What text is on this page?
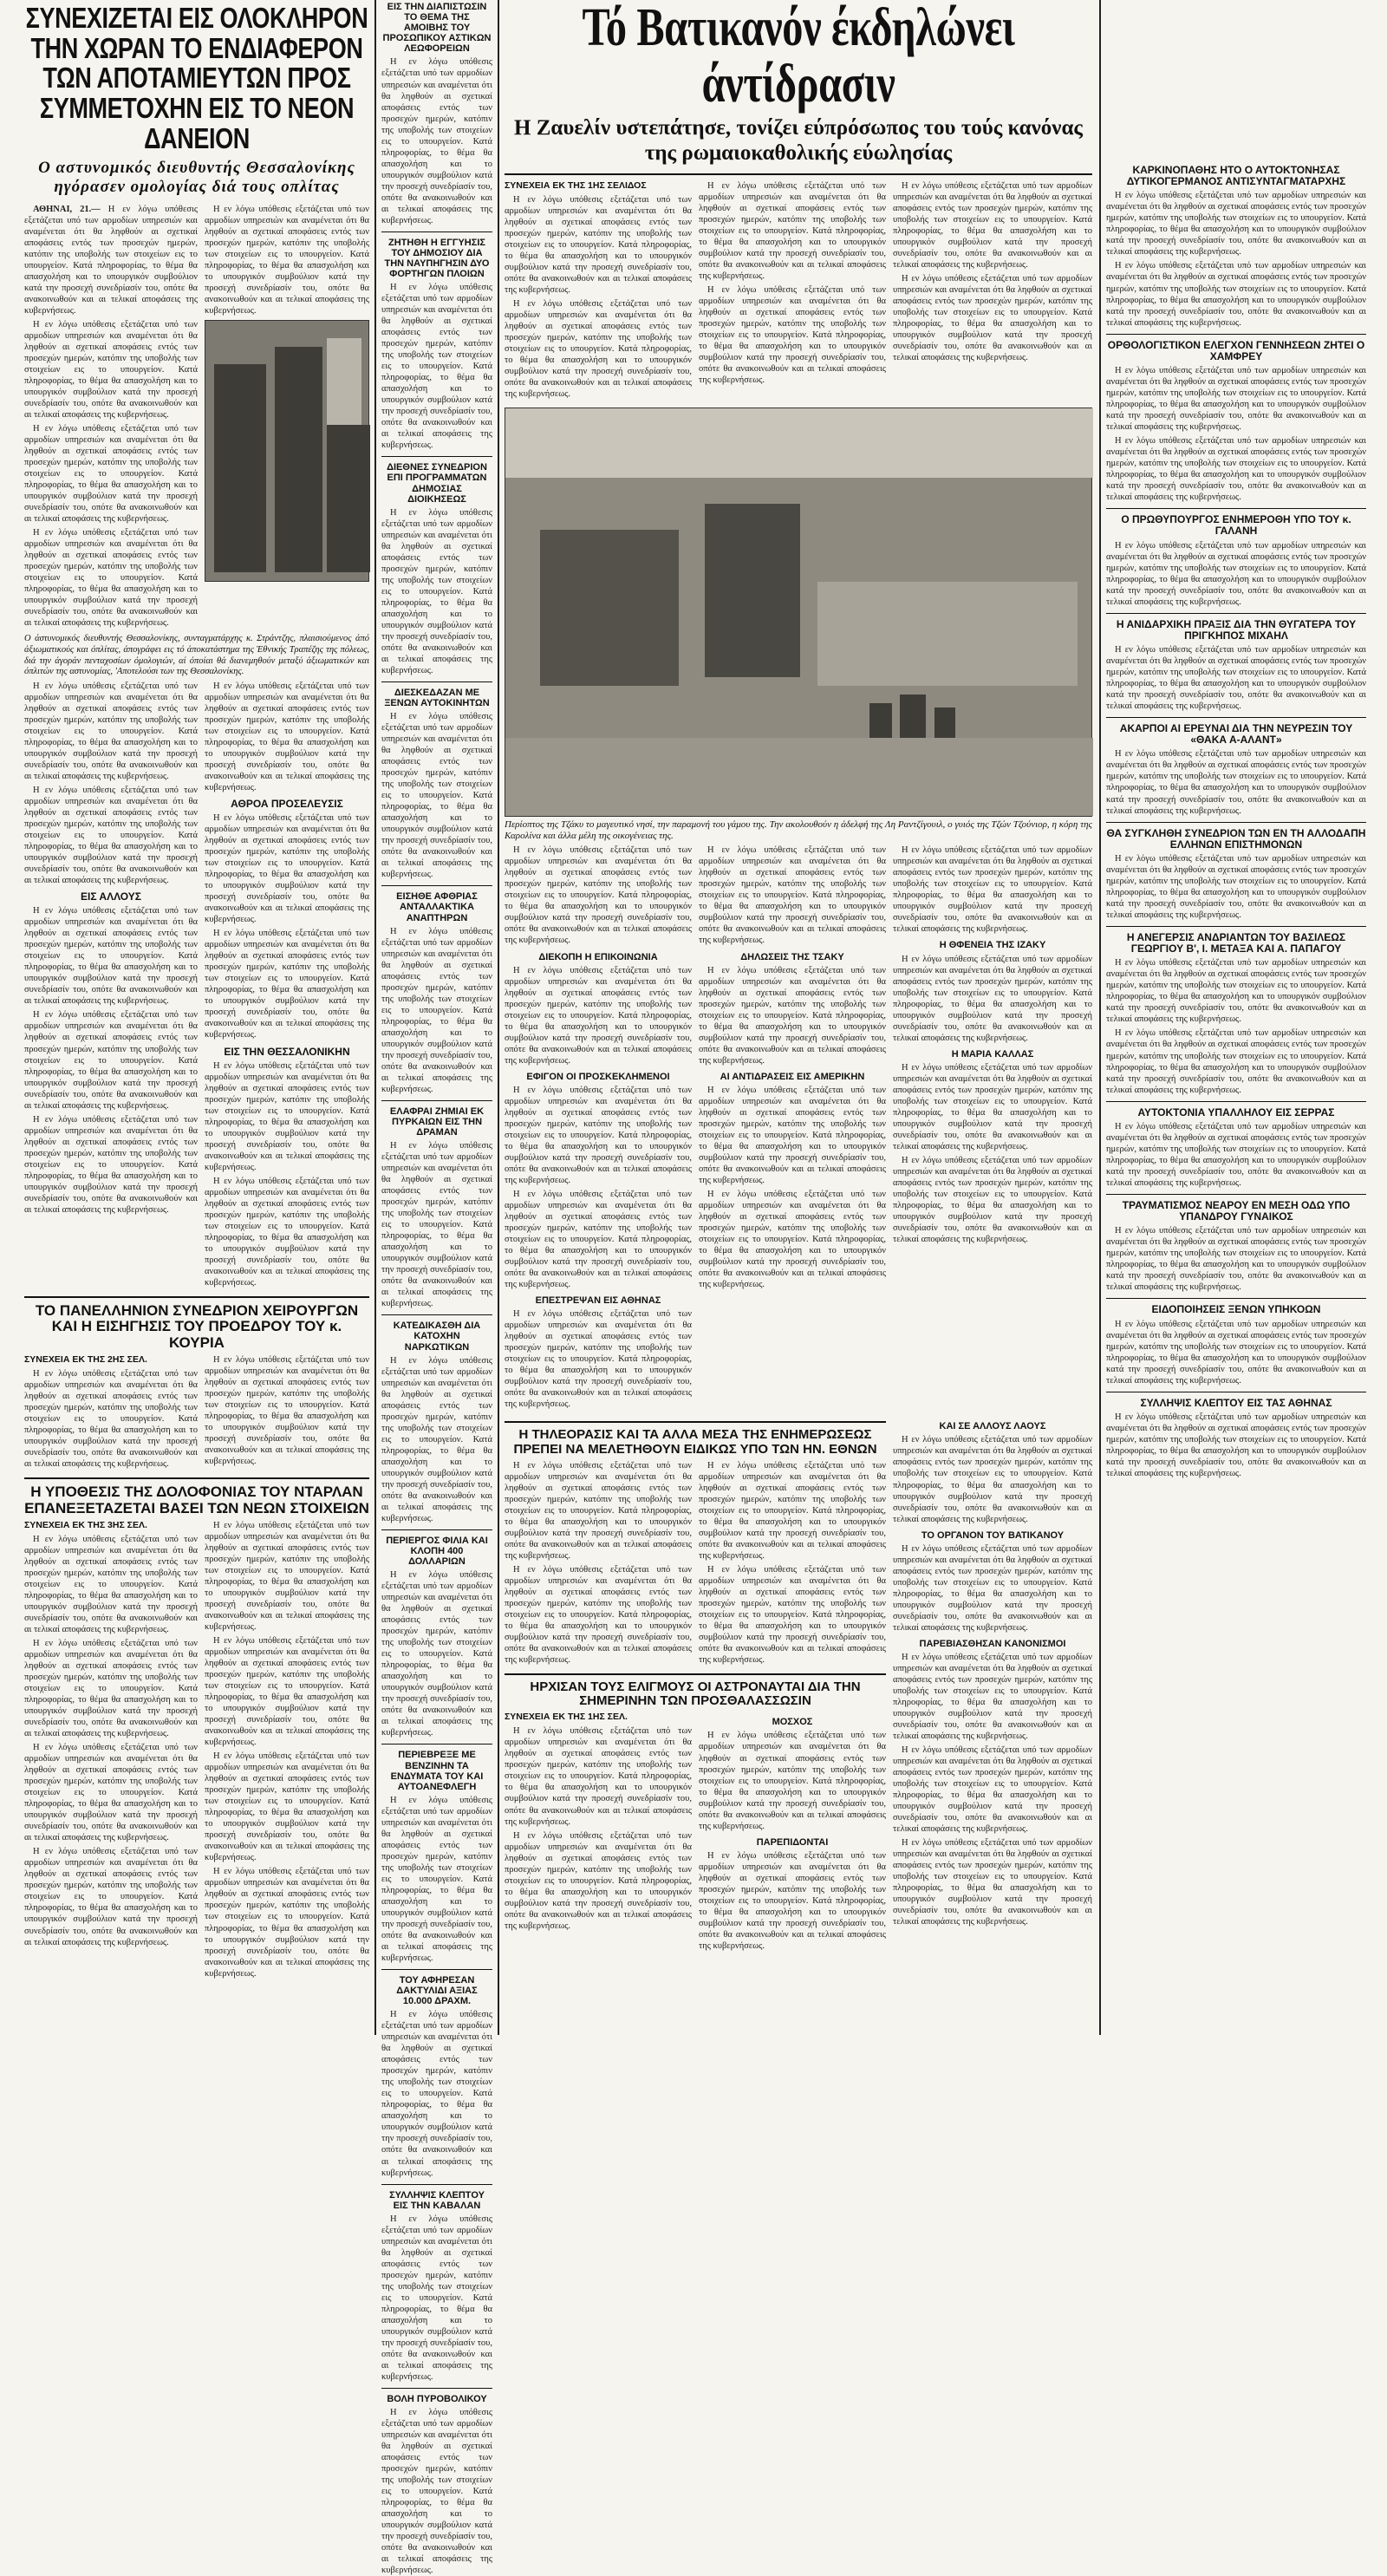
ΣΥΝΕΧΙΖΕΤΑΙ ΕΙΣ ΟΛΟΚΛΗΡΟΝ ΤΗΝ ΧΩΡΑΝ ΤΟ ΕΝΔΙΑΦΕΡΟΝ ΤΩΝ ΑΠΟΤΑΜΙΕΥΤΩΝ ΠΡΟΣ ΣΥΜΜΕΤΟΧΗΝ ΕΙΣ ΤΟ ΝΕΟΝ ΔΑΝΕΙΟΝ
Ο αστυνομικός διευθυντής Θεσσαλονίκης ηγόρασεν ομολογίας διά τους οπλίτας

ΑΘΗΝΑΙ, 21.— Η εν λόγω υπόθεσις εξετάζεται υπό των αρμοδίων υπηρεσιών και αναμένεται ότι θα ληφθούν αι σχετικαί αποφάσεις εντός των προσεχών ημερών, κατόπιν της υποβολής των στοιχείων εις το υπουργείον. Κατά πληροφορίας, το θέμα θα απασχολήση και το υπουργικόν συμβούλιον κατά την προσεχή συνεδρίασίν του, οπότε θα ανακοινωθούν και αι τελικαί αποφάσεις της κυβερνήσεως.

Η εν λόγω υπόθεσις εξετάζεται υπό των αρμοδίων υπηρεσιών και αναμένεται ότι θα ληφθούν αι σχετικαί αποφάσεις εντός των προσεχών ημερών, κατόπιν της υποβολής των στοιχείων εις το υπουργείον. Κατά πληροφορίας, το θέμα θα απασχολήση και το υπουργικόν συμβούλιον κατά την προσεχή συνεδρίασίν του, οπότε θα ανακοινωθούν και αι τελικαί αποφάσεις της κυβερνήσεως.

Η εν λόγω υπόθεσις εξετάζεται υπό των αρμοδίων υπηρεσιών και αναμένεται ότι θα ληφθούν αι σχετικαί αποφάσεις εντός των προσεχών ημερών, κατόπιν της υποβολής των στοιχείων εις το υπουργείον. Κατά πληροφορίας, το θέμα θα απασχολήση και το υπουργικόν συμβούλιον κατά την προσεχή συνεδρίασίν του, οπότε θα ανακοινωθούν και αι τελικαί αποφάσεις της κυβερνήσεως.

Η εν λόγω υπόθεσις εξετάζεται υπό των αρμοδίων υπηρεσιών και αναμένεται ότι θα ληφθούν αι σχετικαί αποφάσεις εντός των προσεχών ημερών, κατόπιν της υποβολής των στοιχείων εις το υπουργείον. Κατά πληροφορίας, το θέμα θα απασχολήση και το υπουργικόν συμβούλιον κατά την προσεχή συνεδρίασίν του, οπότε θα ανακοινωθούν και αι τελικαί αποφάσεις της κυβερνήσεως.

Η εν λόγω υπόθεσις εξετάζεται υπό των αρμοδίων υπηρεσιών και αναμένεται ότι θα ληφθούν αι σχετικαί αποφάσεις εντός των προσεχών ημερών, κατόπιν της υποβολής των στοιχείων εις το υπουργείον. Κατά πληροφορίας, το θέμα θα απασχολήση και το υπουργικόν συμβούλιον κατά την προσεχή συνεδρίασίν του, οπότε θα ανακοινωθούν και αι τελικαί αποφάσεις της κυβερνήσεως.

Ο άστυνομικός διευθυντής Θεσσαλονίκης, συνταγματάρχης κ. Στράντζης, πλαισιούμενος άπό άξιωματικούς και όπλίτας, άπογράφει εις τό άποκατάστημα της Έθνικής Τραπέζης της πόλεως, διά την άγοράν πενταχοσίων όμολογιών, αί όποίαι θά διανεμηθούν μεταξύ άξιωματικών και όπλιτών της αστυνομίας, 'Αποτελούσι των της Θεσσαλονίκης.

Η εν λόγω υπόθεσις εξετάζεται υπό των αρμοδίων υπηρεσιών και αναμένεται ότι θα ληφθούν αι σχετικαί αποφάσεις εντός των προσεχών ημερών, κατόπιν της υποβολής των στοιχείων εις το υπουργείον. Κατά πληροφορίας, το θέμα θα απασχολήση και το υπουργικόν συμβούλιον κατά την προσεχή συνεδρίασίν του, οπότε θα ανακοινωθούν και αι τελικαί αποφάσεις της κυβερνήσεως.

Η εν λόγω υπόθεσις εξετάζεται υπό των αρμοδίων υπηρεσιών και αναμένεται ότι θα ληφθούν αι σχετικαί αποφάσεις εντός των προσεχών ημερών, κατόπιν της υποβολής των στοιχείων εις το υπουργείον. Κατά πληροφορίας, το θέμα θα απασχολήση και το υπουργικόν συμβούλιον κατά την προσεχή συνεδρίασίν του, οπότε θα ανακοινωθούν και αι τελικαί αποφάσεις της κυβερνήσεως.

ΕΙΣ ΑΛΛΟΥΣ

Η εν λόγω υπόθεσις εξετάζεται υπό των αρμοδίων υπηρεσιών και αναμένεται ότι θα ληφθούν αι σχετικαί αποφάσεις εντός των προσεχών ημερών, κατόπιν της υποβολής των στοιχείων εις το υπουργείον. Κατά πληροφορίας, το θέμα θα απασχολήση και το υπουργικόν συμβούλιον κατά την προσεχή συνεδρίασίν του, οπότε θα ανακοινωθούν και αι τελικαί αποφάσεις της κυβερνήσεως.

Η εν λόγω υπόθεσις εξετάζεται υπό των αρμοδίων υπηρεσιών και αναμένεται ότι θα ληφθούν αι σχετικαί αποφάσεις εντός των προσεχών ημερών, κατόπιν της υποβολής των στοιχείων εις το υπουργείον. Κατά πληροφορίας, το θέμα θα απασχολήση και το υπουργικόν συμβούλιον κατά την προσεχή συνεδρίασίν του, οπότε θα ανακοινωθούν και αι τελικαί αποφάσεις της κυβερνήσεως.

Η εν λόγω υπόθεσις εξετάζεται υπό των αρμοδίων υπηρεσιών και αναμένεται ότι θα ληφθούν αι σχετικαί αποφάσεις εντός των προσεχών ημερών, κατόπιν της υποβολής των στοιχείων εις το υπουργείον. Κατά πληροφορίας, το θέμα θα απασχολήση και το υπουργικόν συμβούλιον κατά την προσεχή συνεδρίασίν του, οπότε θα ανακοινωθούν και αι τελικαί αποφάσεις της κυβερνήσεως.

Η εν λόγω υπόθεσις εξετάζεται υπό των αρμοδίων υπηρεσιών και αναμένεται ότι θα ληφθούν αι σχετικαί αποφάσεις εντός των προσεχών ημερών, κατόπιν της υποβολής των στοιχείων εις το υπουργείον. Κατά πληροφορίας, το θέμα θα απασχολήση και το υπουργικόν συμβούλιον κατά την προσεχή συνεδρίασίν του, οπότε θα ανακοινωθούν και αι τελικαί αποφάσεις της κυβερνήσεως.

ΑΘΡΟΑ ΠΡΟΣΕΛΕΥΣΙΣ

Η εν λόγω υπόθεσις εξετάζεται υπό των αρμοδίων υπηρεσιών και αναμένεται ότι θα ληφθούν αι σχετικαί αποφάσεις εντός των προσεχών ημερών, κατόπιν της υποβολής των στοιχείων εις το υπουργείον. Κατά πληροφορίας, το θέμα θα απασχολήση και το υπουργικόν συμβούλιον κατά την προσεχή συνεδρίασίν του, οπότε θα ανακοινωθούν και αι τελικαί αποφάσεις της κυβερνήσεως.

Η εν λόγω υπόθεσις εξετάζεται υπό των αρμοδίων υπηρεσιών και αναμένεται ότι θα ληφθούν αι σχετικαί αποφάσεις εντός των προσεχών ημερών, κατόπιν της υποβολής των στοιχείων εις το υπουργείον. Κατά πληροφορίας, το θέμα θα απασχολήση και το υπουργικόν συμβούλιον κατά την προσεχή συνεδρίασίν του, οπότε θα ανακοινωθούν και αι τελικαί αποφάσεις της κυβερνήσεως.

ΕΙΣ ΤΗΝ ΘΕΣΣΑΛΟΝΙΚΗΝ

Η εν λόγω υπόθεσις εξετάζεται υπό των αρμοδίων υπηρεσιών και αναμένεται ότι θα ληφθούν αι σχετικαί αποφάσεις εντός των προσεχών ημερών, κατόπιν της υποβολής των στοιχείων εις το υπουργείον. Κατά πληροφορίας, το θέμα θα απασχολήση και το υπουργικόν συμβούλιον κατά την προσεχή συνεδρίασίν του, οπότε θα ανακοινωθούν και αι τελικαί αποφάσεις της κυβερνήσεως.

Η εν λόγω υπόθεσις εξετάζεται υπό των αρμοδίων υπηρεσιών και αναμένεται ότι θα ληφθούν αι σχετικαί αποφάσεις εντός των προσεχών ημερών, κατόπιν της υποβολής των στοιχείων εις το υπουργείον. Κατά πληροφορίας, το θέμα θα απασχολήση και το υπουργικόν συμβούλιον κατά την προσεχή συνεδρίασίν του, οπότε θα ανακοινωθούν και αι τελικαί αποφάσεις της κυβερνήσεως.

ΤΟ ΠΑΝΕΛΛΗΝΙΟΝ ΣΥΝΕΔΡΙΟΝ ΧΕΙΡΟΥΡΓΩΝ ΚΑΙ Η ΕΙΣΗΓΗΣΙΣ ΤΟΥ ΠΡΟΕΔΡΟΥ ΤΟΥ κ. ΚΟΥΡΙΑ

ΣΥΝΕΧΕΙΑ ΕΚ ΤΗΣ 2ΗΣ ΣΕΛ.

Η εν λόγω υπόθεσις εξετάζεται υπό των αρμοδίων υπηρεσιών και αναμένεται ότι θα ληφθούν αι σχετικαί αποφάσεις εντός των προσεχών ημερών, κατόπιν της υποβολής των στοιχείων εις το υπουργείον. Κατά πληροφορίας, το θέμα θα απασχολήση και το υπουργικόν συμβούλιον κατά την προσεχή συνεδρίασίν του, οπότε θα ανακοινωθούν και αι τελικαί αποφάσεις της κυβερνήσεως.

Η εν λόγω υπόθεσις εξετάζεται υπό των αρμοδίων υπηρεσιών και αναμένεται ότι θα ληφθούν αι σχετικαί αποφάσεις εντός των προσεχών ημερών, κατόπιν της υποβολής των στοιχείων εις το υπουργείον. Κατά πληροφορίας, το θέμα θα απασχολήση και το υπουργικόν συμβούλιον κατά την προσεχή συνεδρίασίν του, οπότε θα ανακοινωθούν και αι τελικαί αποφάσεις της κυβερνήσεως.

Η ΥΠΟΘΕΣΙΣ ΤΗΣ ΔΟΛΟΦΟΝΙΑΣ ΤΟΥ ΝΤΑΡΛΑΝ ΕΠΑΝΕΞΕΤΑΖΕΤΑΙ ΒΑΣΕΙ ΤΩΝ ΝΕΩΝ ΣΤΟΙΧΕΙΩΝ

ΣΥΝΕΧΕΙΑ ΕΚ ΤΗΣ 3ΗΣ ΣΕΛ.

Η εν λόγω υπόθεσις εξετάζεται υπό των αρμοδίων υπηρεσιών και αναμένεται ότι θα ληφθούν αι σχετικαί αποφάσεις εντός των προσεχών ημερών, κατόπιν της υποβολής των στοιχείων εις το υπουργείον. Κατά πληροφορίας, το θέμα θα απασχολήση και το υπουργικόν συμβούλιον κατά την προσεχή συνεδρίασίν του, οπότε θα ανακοινωθούν και αι τελικαί αποφάσεις της κυβερνήσεως.

Η εν λόγω υπόθεσις εξετάζεται υπό των αρμοδίων υπηρεσιών και αναμένεται ότι θα ληφθούν αι σχετικαί αποφάσεις εντός των προσεχών ημερών, κατόπιν της υποβολής των στοιχείων εις το υπουργείον. Κατά πληροφορίας, το θέμα θα απασχολήση και το υπουργικόν συμβούλιον κατά την προσεχή συνεδρίασίν του, οπότε θα ανακοινωθούν και αι τελικαί αποφάσεις της κυβερνήσεως.

Η εν λόγω υπόθεσις εξετάζεται υπό των αρμοδίων υπηρεσιών και αναμένεται ότι θα ληφθούν αι σχετικαί αποφάσεις εντός των προσεχών ημερών, κατόπιν της υποβολής των στοιχείων εις το υπουργείον. Κατά πληροφορίας, το θέμα θα απασχολήση και το υπουργικόν συμβούλιον κατά την προσεχή συνεδρίασίν του, οπότε θα ανακοινωθούν και αι τελικαί αποφάσεις της κυβερνήσεως.

Η εν λόγω υπόθεσις εξετάζεται υπό των αρμοδίων υπηρεσιών και αναμένεται ότι θα ληφθούν αι σχετικαί αποφάσεις εντός των προσεχών ημερών, κατόπιν της υποβολής των στοιχείων εις το υπουργείον. Κατά πληροφορίας, το θέμα θα απασχολήση και το υπουργικόν συμβούλιον κατά την προσεχή συνεδρίασίν του, οπότε θα ανακοινωθούν και αι τελικαί αποφάσεις της κυβερνήσεως.

Η εν λόγω υπόθεσις εξετάζεται υπό των αρμοδίων υπηρεσιών και αναμένεται ότι θα ληφθούν αι σχετικαί αποφάσεις εντός των προσεχών ημερών, κατόπιν της υποβολής των στοιχείων εις το υπουργείον. Κατά πληροφορίας, το θέμα θα απασχολήση και το υπουργικόν συμβούλιον κατά την προσεχή συνεδρίασίν του, οπότε θα ανακοινωθούν και αι τελικαί αποφάσεις της κυβερνήσεως.

Η εν λόγω υπόθεσις εξετάζεται υπό των αρμοδίων υπηρεσιών και αναμένεται ότι θα ληφθούν αι σχετικαί αποφάσεις εντός των προσεχών ημερών, κατόπιν της υποβολής των στοιχείων εις το υπουργείον. Κατά πληροφορίας, το θέμα θα απασχολήση και το υπουργικόν συμβούλιον κατά την προσεχή συνεδρίασίν του, οπότε θα ανακοινωθούν και αι τελικαί αποφάσεις της κυβερνήσεως.

Η εν λόγω υπόθεσις εξετάζεται υπό των αρμοδίων υπηρεσιών και αναμένεται ότι θα ληφθούν αι σχετικαί αποφάσεις εντός των προσεχών ημερών, κατόπιν της υποβολής των στοιχείων εις το υπουργείον. Κατά πληροφορίας, το θέμα θα απασχολήση και το υπουργικόν συμβούλιον κατά την προσεχή συνεδρίασίν του, οπότε θα ανακοινωθούν και αι τελικαί αποφάσεις της κυβερνήσεως.

Η εν λόγω υπόθεσις εξετάζεται υπό των αρμοδίων υπηρεσιών και αναμένεται ότι θα ληφθούν αι σχετικαί αποφάσεις εντός των προσεχών ημερών, κατόπιν της υποβολής των στοιχείων εις το υπουργείον. Κατά πληροφορίας, το θέμα θα απασχολήση και το υπουργικόν συμβούλιον κατά την προσεχή συνεδρίασίν του, οπότε θα ανακοινωθούν και αι τελικαί αποφάσεις της κυβερνήσεως.

ΕΙΣ ΤΗΝ ΔΙΑΠΙΣΤΩΣΙΝ ΤΟ ΘΕΜΑ ΤΗΣ ΑΜΟΙΒΗΣ ΤΟΥ ΠΡΟΣΩΠΙΚΟΥ ΑΣΤΙΚΩΝ ΛΕΩΦΟΡΕΙΩΝ

Η εν λόγω υπόθεσις εξετάζεται υπό των αρμοδίων υπηρεσιών και αναμένεται ότι θα ληφθούν αι σχετικαί αποφάσεις εντός των προσεχών ημερών, κατόπιν της υποβολής των στοιχείων εις το υπουργείον. Κατά πληροφορίας, το θέμα θα απασχολήση και το υπουργικόν συμβούλιον κατά την προσεχή συνεδρίασίν του, οπότε θα ανακοινωθούν και αι τελικαί αποφάσεις της κυβερνήσεως.

ΖΗΤΗΘΗ Η ΕΓΓΥΗΣΙΣ ΤΟΥ ΔΗΜΟΣΙΟΥ ΔΙΑ ΤΗΝ ΝΑΥΠΗΓΗΣΙΝ ΔΥΟ ΦΟΡΤΗΓΩΝ ΠΛΟΙΩΝ

Η εν λόγω υπόθεσις εξετάζεται υπό των αρμοδίων υπηρεσιών και αναμένεται ότι θα ληφθούν αι σχετικαί αποφάσεις εντός των προσεχών ημερών, κατόπιν της υποβολής των στοιχείων εις το υπουργείον. Κατά πληροφορίας, το θέμα θα απασχολήση και το υπουργικόν συμβούλιον κατά την προσεχή συνεδρίασίν του, οπότε θα ανακοινωθούν και αι τελικαί αποφάσεις της κυβερνήσεως.

ΔΙΕΘΝΕΣ ΣΥΝΕΔΡΙΟΝ ΕΠΙ ΠΡΟΓΡΑΜΜΑΤΩΝ ΔΗΜΟΣΙΑΣ ΔΙΟΙΚΗΣΕΩΣ

Η εν λόγω υπόθεσις εξετάζεται υπό των αρμοδίων υπηρεσιών και αναμένεται ότι θα ληφθούν αι σχετικαί αποφάσεις εντός των προσεχών ημερών, κατόπιν της υποβολής των στοιχείων εις το υπουργείον. Κατά πληροφορίας, το θέμα θα απασχολήση και το υπουργικόν συμβούλιον κατά την προσεχή συνεδρίασίν του, οπότε θα ανακοινωθούν και αι τελικαί αποφάσεις της κυβερνήσεως.

ΔΙΕΣΚΕΔΑΖΑΝ ΜΕ ΞΕΝΩΝ ΑΥΤΟΚΙΝΗΤΩΝ

Η εν λόγω υπόθεσις εξετάζεται υπό των αρμοδίων υπηρεσιών και αναμένεται ότι θα ληφθούν αι σχετικαί αποφάσεις εντός των προσεχών ημερών, κατόπιν της υποβολής των στοιχείων εις το υπουργείον. Κατά πληροφορίας, το θέμα θα απασχολήση και το υπουργικόν συμβούλιον κατά την προσεχή συνεδρίασίν του, οπότε θα ανακοινωθούν και αι τελικαί αποφάσεις της κυβερνήσεως.

ΕΙΣΗΘΕ ΑΦΘΡΙΑΣ ΑΝΤΑΛΛΑΚΤΙΚΑ ΑΝΑΠΤΗΡΩΝ

Η εν λόγω υπόθεσις εξετάζεται υπό των αρμοδίων υπηρεσιών και αναμένεται ότι θα ληφθούν αι σχετικαί αποφάσεις εντός των προσεχών ημερών, κατόπιν της υποβολής των στοιχείων εις το υπουργείον. Κατά πληροφορίας, το θέμα θα απασχολήση και το υπουργικόν συμβούλιον κατά την προσεχή συνεδρίασίν του, οπότε θα ανακοινωθούν και αι τελικαί αποφάσεις της κυβερνήσεως.

ΕΛΑΦΡΑΙ ΖΗΜΙΑΙ ΕΚ ΠΥΡΚΑΙΩΝ ΕΙΣ ΤΗΝ ΔΡΑΜΑΝ

Η εν λόγω υπόθεσις εξετάζεται υπό των αρμοδίων υπηρεσιών και αναμένεται ότι θα ληφθούν αι σχετικαί αποφάσεις εντός των προσεχών ημερών, κατόπιν της υποβολής των στοιχείων εις το υπουργείον. Κατά πληροφορίας, το θέμα θα απασχολήση και το υπουργικόν συμβούλιον κατά την προσεχή συνεδρίασίν του, οπότε θα ανακοινωθούν και αι τελικαί αποφάσεις της κυβερνήσεως.

ΚΑΤΕΔΙΚΑΣΘΗ ΔΙΑ ΚΑΤΟΧΗΝ ΝΑΡΚΩΤΙΚΩΝ

Η εν λόγω υπόθεσις εξετάζεται υπό των αρμοδίων υπηρεσιών και αναμένεται ότι θα ληφθούν αι σχετικαί αποφάσεις εντός των προσεχών ημερών, κατόπιν της υποβολής των στοιχείων εις το υπουργείον. Κατά πληροφορίας, το θέμα θα απασχολήση και το υπουργικόν συμβούλιον κατά την προσεχή συνεδρίασίν του, οπότε θα ανακοινωθούν και αι τελικαί αποφάσεις της κυβερνήσεως.

ΠΕΡΙΕΡΓΟΣ ΦΙΛΙΑ ΚΑΙ ΚΛΟΠΗ 400 ΔΟΛΛΑΡΙΩΝ

Η εν λόγω υπόθεσις εξετάζεται υπό των αρμοδίων υπηρεσιών και αναμένεται ότι θα ληφθούν αι σχετικαί αποφάσεις εντός των προσεχών ημερών, κατόπιν της υποβολής των στοιχείων εις το υπουργείον. Κατά πληροφορίας, το θέμα θα απασχολήση και το υπουργικόν συμβούλιον κατά την προσεχή συνεδρίασίν του, οπότε θα ανακοινωθούν και αι τελικαί αποφάσεις της κυβερνήσεως.

ΠΕΡΙΕΒΡΕΞΕ ΜΕ ΒΕΝΖΙΝΗΝ ΤΑ ΕΝΔΥΜΑΤΑ ΤΟΥ ΚΑΙ ΑΥΤΟΑΝΕΦΛΕΓΗ

Η εν λόγω υπόθεσις εξετάζεται υπό των αρμοδίων υπηρεσιών και αναμένεται ότι θα ληφθούν αι σχετικαί αποφάσεις εντός των προσεχών ημερών, κατόπιν της υποβολής των στοιχείων εις το υπουργείον. Κατά πληροφορίας, το θέμα θα απασχολήση και το υπουργικόν συμβούλιον κατά την προσεχή συνεδρίασίν του, οπότε θα ανακοινωθούν και αι τελικαί αποφάσεις της κυβερνήσεως.

ΤΟΥ ΑΦΗΡΕΣΑΝ ΔΑΚΤΥΛΙΔΙ ΑΞΙΑΣ 10.000 ΔΡΑΧΜ.

Η εν λόγω υπόθεσις εξετάζεται υπό των αρμοδίων υπηρεσιών και αναμένεται ότι θα ληφθούν αι σχετικαί αποφάσεις εντός των προσεχών ημερών, κατόπιν της υποβολής των στοιχείων εις το υπουργείον. Κατά πληροφορίας, το θέμα θα απασχολήση και το υπουργικόν συμβούλιον κατά την προσεχή συνεδρίασίν του, οπότε θα ανακοινωθούν και αι τελικαί αποφάσεις της κυβερνήσεως.

ΣΥΛΛΗΨΙΣ ΚΛΕΠΤΟΥ ΕΙΣ ΤΗΝ ΚΑΒΑΛΑΝ

Η εν λόγω υπόθεσις εξετάζεται υπό των αρμοδίων υπηρεσιών και αναμένεται ότι θα ληφθούν αι σχετικαί αποφάσεις εντός των προσεχών ημερών, κατόπιν της υποβολής των στοιχείων εις το υπουργείον. Κατά πληροφορίας, το θέμα θα απασχολήση και το υπουργικόν συμβούλιον κατά την προσεχή συνεδρίασίν του, οπότε θα ανακοινωθούν και αι τελικαί αποφάσεις της κυβερνήσεως.

ΒΟΛΗ ΠΥΡΟΒΟΛΙΚΟΥ

Η εν λόγω υπόθεσις εξετάζεται υπό των αρμοδίων υπηρεσιών και αναμένεται ότι θα ληφθούν αι σχετικαί αποφάσεις εντός των προσεχών ημερών, κατόπιν της υποβολής των στοιχείων εις το υπουργείον. Κατά πληροφορίας, το θέμα θα απασχολήση και το υπουργικόν συμβούλιον κατά την προσεχή συνεδρίασίν του, οπότε θα ανακοινωθούν και αι τελικαί αποφάσεις της κυβερνήσεως.

Τό Βατικανόν έκδηλώνει άντίδρασιν
Η Ζαυελίν υστεπάτησε, τονίζει εύπρόσωπος του τούς κανόνας της ρωμαιοκαθολικής εύωλησίας

ΣΥΝΕΧΕΙΑ ΕΚ ΤΗΣ 1ΗΣ ΣΕΛΙΔΟΣ

Η εν λόγω υπόθεσις εξετάζεται υπό των αρμοδίων υπηρεσιών και αναμένεται ότι θα ληφθούν αι σχετικαί αποφάσεις εντός των προσεχών ημερών, κατόπιν της υποβολής των στοιχείων εις το υπουργείον. Κατά πληροφορίας, το θέμα θα απασχολήση και το υπουργικόν συμβούλιον κατά την προσεχή συνεδρίασίν του, οπότε θα ανακοινωθούν και αι τελικαί αποφάσεις της κυβερνήσεως.

Η εν λόγω υπόθεσις εξετάζεται υπό των αρμοδίων υπηρεσιών και αναμένεται ότι θα ληφθούν αι σχετικαί αποφάσεις εντός των προσεχών ημερών, κατόπιν της υποβολής των στοιχείων εις το υπουργείον. Κατά πληροφορίας, το θέμα θα απασχολήση και το υπουργικόν συμβούλιον κατά την προσεχή συνεδρίασίν του, οπότε θα ανακοινωθούν και αι τελικαί αποφάσεις της κυβερνήσεως.

Η εν λόγω υπόθεσις εξετάζεται υπό των αρμοδίων υπηρεσιών και αναμένεται ότι θα ληφθούν αι σχετικαί αποφάσεις εντός των προσεχών ημερών, κατόπιν της υποβολής των στοιχείων εις το υπουργείον. Κατά πληροφορίας, το θέμα θα απασχολήση και το υπουργικόν συμβούλιον κατά την προσεχή συνεδρίασίν του, οπότε θα ανακοινωθούν και αι τελικαί αποφάσεις της κυβερνήσεως.

Η εν λόγω υπόθεσις εξετάζεται υπό των αρμοδίων υπηρεσιών και αναμένεται ότι θα ληφθούν αι σχετικαί αποφάσεις εντός των προσεχών ημερών, κατόπιν της υποβολής των στοιχείων εις το υπουργείον. Κατά πληροφορίας, το θέμα θα απασχολήση και το υπουργικόν συμβούλιον κατά την προσεχή συνεδρίασίν του, οπότε θα ανακοινωθούν και αι τελικαί αποφάσεις της κυβερνήσεως.

Η εν λόγω υπόθεσις εξετάζεται υπό των αρμοδίων υπηρεσιών και αναμένεται ότι θα ληφθούν αι σχετικαί αποφάσεις εντός των προσεχών ημερών, κατόπιν της υποβολής των στοιχείων εις το υπουργείον. Κατά πληροφορίας, το θέμα θα απασχολήση και το υπουργικόν συμβούλιον κατά την προσεχή συνεδρίασίν του, οπότε θα ανακοινωθούν και αι τελικαί αποφάσεις της κυβερνήσεως.

Η εν λόγω υπόθεσις εξετάζεται υπό των αρμοδίων υπηρεσιών και αναμένεται ότι θα ληφθούν αι σχετικαί αποφάσεις εντός των προσεχών ημερών, κατόπιν της υποβολής των στοιχείων εις το υπουργείον. Κατά πληροφορίας, το θέμα θα απασχολήση και το υπουργικόν συμβούλιον κατά την προσεχή συνεδρίασίν του, οπότε θα ανακοινωθούν και αι τελικαί αποφάσεις της κυβερνήσεως.

Περίοπτος της Τζάκυ το μαγευτικό νησί, την παραμονή του γάμου της. Την ακολουθούν η άδελφή της Λη Ραντζίγουιλ, ο γυιός της Τζών Τζούνιορ, η κόρη της Καρολίνα και άλλα μέλη της οικογένειας της.

Η εν λόγω υπόθεσις εξετάζεται υπό των αρμοδίων υπηρεσιών και αναμένεται ότι θα ληφθούν αι σχετικαί αποφάσεις εντός των προσεχών ημερών, κατόπιν της υποβολής των στοιχείων εις το υπουργείον. Κατά πληροφορίας, το θέμα θα απασχολήση και το υπουργικόν συμβούλιον κατά την προσεχή συνεδρίασίν του, οπότε θα ανακοινωθούν και αι τελικαί αποφάσεις της κυβερνήσεως.

ΔΙΕΚΟΠΗ Η ΕΠΙΚΟΙΝΩΝΙΑ

Η εν λόγω υπόθεσις εξετάζεται υπό των αρμοδίων υπηρεσιών και αναμένεται ότι θα ληφθούν αι σχετικαί αποφάσεις εντός των προσεχών ημερών, κατόπιν της υποβολής των στοιχείων εις το υπουργείον. Κατά πληροφορίας, το θέμα θα απασχολήση και το υπουργικόν συμβούλιον κατά την προσεχή συνεδρίασίν του, οπότε θα ανακοινωθούν και αι τελικαί αποφάσεις της κυβερνήσεως.

ΕΦΙΓΟΝ ΟΙ ΠΡΟΣΚΕΚΛΗΜΕΝΟΙ

Η εν λόγω υπόθεσις εξετάζεται υπό των αρμοδίων υπηρεσιών και αναμένεται ότι θα ληφθούν αι σχετικαί αποφάσεις εντός των προσεχών ημερών, κατόπιν της υποβολής των στοιχείων εις το υπουργείον. Κατά πληροφορίας, το θέμα θα απασχολήση και το υπουργικόν συμβούλιον κατά την προσεχή συνεδρίασίν του, οπότε θα ανακοινωθούν και αι τελικαί αποφάσεις της κυβερνήσεως.

Η εν λόγω υπόθεσις εξετάζεται υπό των αρμοδίων υπηρεσιών και αναμένεται ότι θα ληφθούν αι σχετικαί αποφάσεις εντός των προσεχών ημερών, κατόπιν της υποβολής των στοιχείων εις το υπουργείον. Κατά πληροφορίας, το θέμα θα απασχολήση και το υπουργικόν συμβούλιον κατά την προσεχή συνεδρίασίν του, οπότε θα ανακοινωθούν και αι τελικαί αποφάσεις της κυβερνήσεως.

ΕΠΕΣΤΡΕΨΑΝ ΕΙΣ ΑΘΗΝΑΣ

Η εν λόγω υπόθεσις εξετάζεται υπό των αρμοδίων υπηρεσιών και αναμένεται ότι θα ληφθούν αι σχετικαί αποφάσεις εντός των προσεχών ημερών, κατόπιν της υποβολής των στοιχείων εις το υπουργείον. Κατά πληροφορίας, το θέμα θα απασχολήση και το υπουργικόν συμβούλιον κατά την προσεχή συνεδρίασίν του, οπότε θα ανακοινωθούν και αι τελικαί αποφάσεις της κυβερνήσεως.

Η εν λόγω υπόθεσις εξετάζεται υπό των αρμοδίων υπηρεσιών και αναμένεται ότι θα ληφθούν αι σχετικαί αποφάσεις εντός των προσεχών ημερών, κατόπιν της υποβολής των στοιχείων εις το υπουργείον. Κατά πληροφορίας, το θέμα θα απασχολήση και το υπουργικόν συμβούλιον κατά την προσεχή συνεδρίασίν του, οπότε θα ανακοινωθούν και αι τελικαί αποφάσεις της κυβερνήσεως.

ΔΗΛΩΣΕΙΣ ΤΗΣ ΤΣΑΚΥ

Η εν λόγω υπόθεσις εξετάζεται υπό των αρμοδίων υπηρεσιών και αναμένεται ότι θα ληφθούν αι σχετικαί αποφάσεις εντός των προσεχών ημερών, κατόπιν της υποβολής των στοιχείων εις το υπουργείον. Κατά πληροφορίας, το θέμα θα απασχολήση και το υπουργικόν συμβούλιον κατά την προσεχή συνεδρίασίν του, οπότε θα ανακοινωθούν και αι τελικαί αποφάσεις της κυβερνήσεως.

ΑΙ ΑΝΤΙΔΡΑΣΕΙΣ ΕΙΣ ΑΜΕΡΙΚΗΝ

Η εν λόγω υπόθεσις εξετάζεται υπό των αρμοδίων υπηρεσιών και αναμένεται ότι θα ληφθούν αι σχετικαί αποφάσεις εντός των προσεχών ημερών, κατόπιν της υποβολής των στοιχείων εις το υπουργείον. Κατά πληροφορίας, το θέμα θα απασχολήση και το υπουργικόν συμβούλιον κατά την προσεχή συνεδρίασίν του, οπότε θα ανακοινωθούν και αι τελικαί αποφάσεις της κυβερνήσεως.

Η εν λόγω υπόθεσις εξετάζεται υπό των αρμοδίων υπηρεσιών και αναμένεται ότι θα ληφθούν αι σχετικαί αποφάσεις εντός των προσεχών ημερών, κατόπιν της υποβολής των στοιχείων εις το υπουργείον. Κατά πληροφορίας, το θέμα θα απασχολήση και το υπουργικόν συμβούλιον κατά την προσεχή συνεδρίασίν του, οπότε θα ανακοινωθούν και αι τελικαί αποφάσεις της κυβερνήσεως.

Η εν λόγω υπόθεσις εξετάζεται υπό των αρμοδίων υπηρεσιών και αναμένεται ότι θα ληφθούν αι σχετικαί αποφάσεις εντός των προσεχών ημερών, κατόπιν της υποβολής των στοιχείων εις το υπουργείον. Κατά πληροφορίας, το θέμα θα απασχολήση και το υπουργικόν συμβούλιον κατά την προσεχή συνεδρίασίν του, οπότε θα ανακοινωθούν και αι τελικαί αποφάσεις της κυβερνήσεως.

Η ΘΦΕΝΕΙΑ ΤΗΣ ΙΖΑΚΥ

Η εν λόγω υπόθεσις εξετάζεται υπό των αρμοδίων υπηρεσιών και αναμένεται ότι θα ληφθούν αι σχετικαί αποφάσεις εντός των προσεχών ημερών, κατόπιν της υποβολής των στοιχείων εις το υπουργείον. Κατά πληροφορίας, το θέμα θα απασχολήση και το υπουργικόν συμβούλιον κατά την προσεχή συνεδρίασίν του, οπότε θα ανακοινωθούν και αι τελικαί αποφάσεις της κυβερνήσεως.

Η ΜΑΡΙΑ ΚΑΛΛΑΣ

Η εν λόγω υπόθεσις εξετάζεται υπό των αρμοδίων υπηρεσιών και αναμένεται ότι θα ληφθούν αι σχετικαί αποφάσεις εντός των προσεχών ημερών, κατόπιν της υποβολής των στοιχείων εις το υπουργείον. Κατά πληροφορίας, το θέμα θα απασχολήση και το υπουργικόν συμβούλιον κατά την προσεχή συνεδρίασίν του, οπότε θα ανακοινωθούν και αι τελικαί αποφάσεις της κυβερνήσεως.

Η εν λόγω υπόθεσις εξετάζεται υπό των αρμοδίων υπηρεσιών και αναμένεται ότι θα ληφθούν αι σχετικαί αποφάσεις εντός των προσεχών ημερών, κατόπιν της υποβολής των στοιχείων εις το υπουργείον. Κατά πληροφορίας, το θέμα θα απασχολήση και το υπουργικόν συμβούλιον κατά την προσεχή συνεδρίασίν του, οπότε θα ανακοινωθούν και αι τελικαί αποφάσεις της κυβερνήσεως.

Η ΤΗΛΕΟΡΑΣΙΣ ΚΑΙ ΤΑ ΑΛΛΑ ΜΕΣΑ ΤΗΣ ΕΝΗΜΕΡΩΣΕΩΣ ΠΡΕΠΕΙ ΝΑ ΜΕΛΕΤΗΘΟΥΝ ΕΙΔΙΚΩΣ ΥΠΟ ΤΩΝ ΗΝ. ΕΘΝΩΝ

Η εν λόγω υπόθεσις εξετάζεται υπό των αρμοδίων υπηρεσιών και αναμένεται ότι θα ληφθούν αι σχετικαί αποφάσεις εντός των προσεχών ημερών, κατόπιν της υποβολής των στοιχείων εις το υπουργείον. Κατά πληροφορίας, το θέμα θα απασχολήση και το υπουργικόν συμβούλιον κατά την προσεχή συνεδρίασίν του, οπότε θα ανακοινωθούν και αι τελικαί αποφάσεις της κυβερνήσεως.

Η εν λόγω υπόθεσις εξετάζεται υπό των αρμοδίων υπηρεσιών και αναμένεται ότι θα ληφθούν αι σχετικαί αποφάσεις εντός των προσεχών ημερών, κατόπιν της υποβολής των στοιχείων εις το υπουργείον. Κατά πληροφορίας, το θέμα θα απασχολήση και το υπουργικόν συμβούλιον κατά την προσεχή συνεδρίασίν του, οπότε θα ανακοινωθούν και αι τελικαί αποφάσεις της κυβερνήσεως.

Η εν λόγω υπόθεσις εξετάζεται υπό των αρμοδίων υπηρεσιών και αναμένεται ότι θα ληφθούν αι σχετικαί αποφάσεις εντός των προσεχών ημερών, κατόπιν της υποβολής των στοιχείων εις το υπουργείον. Κατά πληροφορίας, το θέμα θα απασχολήση και το υπουργικόν συμβούλιον κατά την προσεχή συνεδρίασίν του, οπότε θα ανακοινωθούν και αι τελικαί αποφάσεις της κυβερνήσεως.

Η εν λόγω υπόθεσις εξετάζεται υπό των αρμοδίων υπηρεσιών και αναμένεται ότι θα ληφθούν αι σχετικαί αποφάσεις εντός των προσεχών ημερών, κατόπιν της υποβολής των στοιχείων εις το υπουργείον. Κατά πληροφορίας, το θέμα θα απασχολήση και το υπουργικόν συμβούλιον κατά την προσεχή συνεδρίασίν του, οπότε θα ανακοινωθούν και αι τελικαί αποφάσεις της κυβερνήσεως.

ΗΡΧΙΣΑΝ ΤΟΥΣ ΕΛΙΓΜΟΥΣ ΟΙ ΑΣΤΡΟΝΑΥΤΑΙ ΔΙΑ ΤΗΝ ΣΗΜΕΡΙΝΗΝ ΤΩΝ ΠΡΟΣΘΑΛΑΣΣΩΣΙΝ

ΣΥΝΕΧΕΙΑ ΕΚ ΤΗΣ 1ΗΣ ΣΕΛ.

Η εν λόγω υπόθεσις εξετάζεται υπό των αρμοδίων υπηρεσιών και αναμένεται ότι θα ληφθούν αι σχετικαί αποφάσεις εντός των προσεχών ημερών, κατόπιν της υποβολής των στοιχείων εις το υπουργείον. Κατά πληροφορίας, το θέμα θα απασχολήση και το υπουργικόν συμβούλιον κατά την προσεχή συνεδρίασίν του, οπότε θα ανακοινωθούν και αι τελικαί αποφάσεις της κυβερνήσεως.

Η εν λόγω υπόθεσις εξετάζεται υπό των αρμοδίων υπηρεσιών και αναμένεται ότι θα ληφθούν αι σχετικαί αποφάσεις εντός των προσεχών ημερών, κατόπιν της υποβολής των στοιχείων εις το υπουργείον. Κατά πληροφορίας, το θέμα θα απασχολήση και το υπουργικόν συμβούλιον κατά την προσεχή συνεδρίασίν του, οπότε θα ανακοινωθούν και αι τελικαί αποφάσεις της κυβερνήσεως.

ΜΟΣΧΟΣ

Η εν λόγω υπόθεσις εξετάζεται υπό των αρμοδίων υπηρεσιών και αναμένεται ότι θα ληφθούν αι σχετικαί αποφάσεις εντός των προσεχών ημερών, κατόπιν της υποβολής των στοιχείων εις το υπουργείον. Κατά πληροφορίας, το θέμα θα απασχολήση και το υπουργικόν συμβούλιον κατά την προσεχή συνεδρίασίν του, οπότε θα ανακοινωθούν και αι τελικαί αποφάσεις της κυβερνήσεως.

ΠΑΡΕΠΙΔΟΝΤΑΙ

Η εν λόγω υπόθεσις εξετάζεται υπό των αρμοδίων υπηρεσιών και αναμένεται ότι θα ληφθούν αι σχετικαί αποφάσεις εντός των προσεχών ημερών, κατόπιν της υποβολής των στοιχείων εις το υπουργείον. Κατά πληροφορίας, το θέμα θα απασχολήση και το υπουργικόν συμβούλιον κατά την προσεχή συνεδρίασίν του, οπότε θα ανακοινωθούν και αι τελικαί αποφάσεις της κυβερνήσεως.

ΚΑΙ ΣΕ ΑΛΛΟΥΣ ΛΑΟΥΣ

Η εν λόγω υπόθεσις εξετάζεται υπό των αρμοδίων υπηρεσιών και αναμένεται ότι θα ληφθούν αι σχετικαί αποφάσεις εντός των προσεχών ημερών, κατόπιν της υποβολής των στοιχείων εις το υπουργείον. Κατά πληροφορίας, το θέμα θα απασχολήση και το υπουργικόν συμβούλιον κατά την προσεχή συνεδρίασίν του, οπότε θα ανακοινωθούν και αι τελικαί αποφάσεις της κυβερνήσεως.

ΤΟ ΟΡΓΑΝΟΝ ΤΟΥ ΒΑΤΙΚΑΝΟΥ

Η εν λόγω υπόθεσις εξετάζεται υπό των αρμοδίων υπηρεσιών και αναμένεται ότι θα ληφθούν αι σχετικαί αποφάσεις εντός των προσεχών ημερών, κατόπιν της υποβολής των στοιχείων εις το υπουργείον. Κατά πληροφορίας, το θέμα θα απασχολήση και το υπουργικόν συμβούλιον κατά την προσεχή συνεδρίασίν του, οπότε θα ανακοινωθούν και αι τελικαί αποφάσεις της κυβερνήσεως.

ΠΑΡΕΒΙΑΣΘΗΣΑΝ ΚΑΝΟΝΙΣΜΟΙ

Η εν λόγω υπόθεσις εξετάζεται υπό των αρμοδίων υπηρεσιών και αναμένεται ότι θα ληφθούν αι σχετικαί αποφάσεις εντός των προσεχών ημερών, κατόπιν της υποβολής των στοιχείων εις το υπουργείον. Κατά πληροφορίας, το θέμα θα απασχολήση και το υπουργικόν συμβούλιον κατά την προσεχή συνεδρίασίν του, οπότε θα ανακοινωθούν και αι τελικαί αποφάσεις της κυβερνήσεως.

Η εν λόγω υπόθεσις εξετάζεται υπό των αρμοδίων υπηρεσιών και αναμένεται ότι θα ληφθούν αι σχετικαί αποφάσεις εντός των προσεχών ημερών, κατόπιν της υποβολής των στοιχείων εις το υπουργείον. Κατά πληροφορίας, το θέμα θα απασχολήση και το υπουργικόν συμβούλιον κατά την προσεχή συνεδρίασίν του, οπότε θα ανακοινωθούν και αι τελικαί αποφάσεις της κυβερνήσεως.

Η εν λόγω υπόθεσις εξετάζεται υπό των αρμοδίων υπηρεσιών και αναμένεται ότι θα ληφθούν αι σχετικαί αποφάσεις εντός των προσεχών ημερών, κατόπιν της υποβολής των στοιχείων εις το υπουργείον. Κατά πληροφορίας, το θέμα θα απασχολήση και το υπουργικόν συμβούλιον κατά την προσεχή συνεδρίασίν του, οπότε θα ανακοινωθούν και αι τελικαί αποφάσεις της κυβερνήσεως.

ΚΑΡΚΙΝΟΠΑΘΗΣ ΗΤΟ Ο ΑΥΤΟΚΤΟΝΗΣΑΣ ΔΥΤΙΚΟΓΕΡΜΑΝΟΣ ΑΝΤΙΣΥΝΤΑΓΜΑΤΑΡΧΗΣ

Η εν λόγω υπόθεσις εξετάζεται υπό των αρμοδίων υπηρεσιών και αναμένεται ότι θα ληφθούν αι σχετικαί αποφάσεις εντός των προσεχών ημερών, κατόπιν της υποβολής των στοιχείων εις το υπουργείον. Κατά πληροφορίας, το θέμα θα απασχολήση και το υπουργικόν συμβούλιον κατά την προσεχή συνεδρίασίν του, οπότε θα ανακοινωθούν και αι τελικαί αποφάσεις της κυβερνήσεως.

Η εν λόγω υπόθεσις εξετάζεται υπό των αρμοδίων υπηρεσιών και αναμένεται ότι θα ληφθούν αι σχετικαί αποφάσεις εντός των προσεχών ημερών, κατόπιν της υποβολής των στοιχείων εις το υπουργείον. Κατά πληροφορίας, το θέμα θα απασχολήση και το υπουργικόν συμβούλιον κατά την προσεχή συνεδρίασίν του, οπότε θα ανακοινωθούν και αι τελικαί αποφάσεις της κυβερνήσεως.

ΟΡΘΟΛΟΓΙΣΤΙΚΟΝ ΕΛΕΓΧΟΝ ΓΕΝΝΗΣΕΩΝ ΖΗΤΕΙ Ο ΧΑΜΦΡΕΥ

Η εν λόγω υπόθεσις εξετάζεται υπό των αρμοδίων υπηρεσιών και αναμένεται ότι θα ληφθούν αι σχετικαί αποφάσεις εντός των προσεχών ημερών, κατόπιν της υποβολής των στοιχείων εις το υπουργείον. Κατά πληροφορίας, το θέμα θα απασχολήση και το υπουργικόν συμβούλιον κατά την προσεχή συνεδρίασίν του, οπότε θα ανακοινωθούν και αι τελικαί αποφάσεις της κυβερνήσεως.

Η εν λόγω υπόθεσις εξετάζεται υπό των αρμοδίων υπηρεσιών και αναμένεται ότι θα ληφθούν αι σχετικαί αποφάσεις εντός των προσεχών ημερών, κατόπιν της υποβολής των στοιχείων εις το υπουργείον. Κατά πληροφορίας, το θέμα θα απασχολήση και το υπουργικόν συμβούλιον κατά την προσεχή συνεδρίασίν του, οπότε θα ανακοινωθούν και αι τελικαί αποφάσεις της κυβερνήσεως.

Ο ΠΡΩΘΥΠΟΥΡΓΟΣ ΕΝΗΜΕΡΟΘΗ ΥΠΟ ΤΟΥ κ. ΓΑΛΑΝΗ

Η εν λόγω υπόθεσις εξετάζεται υπό των αρμοδίων υπηρεσιών και αναμένεται ότι θα ληφθούν αι σχετικαί αποφάσεις εντός των προσεχών ημερών, κατόπιν της υποβολής των στοιχείων εις το υπουργείον. Κατά πληροφορίας, το θέμα θα απασχολήση και το υπουργικόν συμβούλιον κατά την προσεχή συνεδρίασίν του, οπότε θα ανακοινωθούν και αι τελικαί αποφάσεις της κυβερνήσεως.

Η ΑΝΙΔΑΡΧΙΚΗ ΠΡΑΞΙΣ ΔΙΑ ΤΗΝ ΘΥΓΑΤΕΡΑ ΤΟΥ ΠΡΙΓΚΗΠΟΣ ΜΙΧΑΗΛ

Η εν λόγω υπόθεσις εξετάζεται υπό των αρμοδίων υπηρεσιών και αναμένεται ότι θα ληφθούν αι σχετικαί αποφάσεις εντός των προσεχών ημερών, κατόπιν της υποβολής των στοιχείων εις το υπουργείον. Κατά πληροφορίας, το θέμα θα απασχολήση και το υπουργικόν συμβούλιον κατά την προσεχή συνεδρίασίν του, οπότε θα ανακοινωθούν και αι τελικαί αποφάσεις της κυβερνήσεως.

ΑΚΑΡΠΟΙ ΑΙ ΕΡΕΥΝΑΙ ΔΙΑ ΤΗΝ ΝΕΥΡΕΣΙΝ ΤΟΥ «ΘΑΚΑ Α-ΑΛΑΝΤ»

Η εν λόγω υπόθεσις εξετάζεται υπό των αρμοδίων υπηρεσιών και αναμένεται ότι θα ληφθούν αι σχετικαί αποφάσεις εντός των προσεχών ημερών, κατόπιν της υποβολής των στοιχείων εις το υπουργείον. Κατά πληροφορίας, το θέμα θα απασχολήση και το υπουργικόν συμβούλιον κατά την προσεχή συνεδρίασίν του, οπότε θα ανακοινωθούν και αι τελικαί αποφάσεις της κυβερνήσεως.

ΘΑ ΣΥΓΚΛΗΘΗ ΣΥΝΕΔΡΙΟΝ ΤΩΝ ΕΝ ΤΗ ΑΛΛΟΔΑΠΗ ΕΛΛΗΝΩΝ ΕΠΙΣΤΗΜΟΝΩΝ

Η εν λόγω υπόθεσις εξετάζεται υπό των αρμοδίων υπηρεσιών και αναμένεται ότι θα ληφθούν αι σχετικαί αποφάσεις εντός των προσεχών ημερών, κατόπιν της υποβολής των στοιχείων εις το υπουργείον. Κατά πληροφορίας, το θέμα θα απασχολήση και το υπουργικόν συμβούλιον κατά την προσεχή συνεδρίασίν του, οπότε θα ανακοινωθούν και αι τελικαί αποφάσεις της κυβερνήσεως.

Η ΑΝΕΓΕΡΣΙΣ ΑΝΔΡΙΑΝΤΩΝ ΤΟΥ ΒΑΣΙΛΕΩΣ ΓΕΩΡΓΙΟΥ Β', Ι. ΜΕΤΑΞΑ ΚΑΙ Α. ΠΑΠΑΓΟΥ

Η εν λόγω υπόθεσις εξετάζεται υπό των αρμοδίων υπηρεσιών και αναμένεται ότι θα ληφθούν αι σχετικαί αποφάσεις εντός των προσεχών ημερών, κατόπιν της υποβολής των στοιχείων εις το υπουργείον. Κατά πληροφορίας, το θέμα θα απασχολήση και το υπουργικόν συμβούλιον κατά την προσεχή συνεδρίασίν του, οπότε θα ανακοινωθούν και αι τελικαί αποφάσεις της κυβερνήσεως.

Η εν λόγω υπόθεσις εξετάζεται υπό των αρμοδίων υπηρεσιών και αναμένεται ότι θα ληφθούν αι σχετικαί αποφάσεις εντός των προσεχών ημερών, κατόπιν της υποβολής των στοιχείων εις το υπουργείον. Κατά πληροφορίας, το θέμα θα απασχολήση και το υπουργικόν συμβούλιον κατά την προσεχή συνεδρίασίν του, οπότε θα ανακοινωθούν και αι τελικαί αποφάσεις της κυβερνήσεως.

ΑΥΤΟΚΤΟΝΙΑ ΥΠΑΛΛΗΛΟΥ ΕΙΣ ΣΕΡΡΑΣ

Η εν λόγω υπόθεσις εξετάζεται υπό των αρμοδίων υπηρεσιών και αναμένεται ότι θα ληφθούν αι σχετικαί αποφάσεις εντός των προσεχών ημερών, κατόπιν της υποβολής των στοιχείων εις το υπουργείον. Κατά πληροφορίας, το θέμα θα απασχολήση και το υπουργικόν συμβούλιον κατά την προσεχή συνεδρίασίν του, οπότε θα ανακοινωθούν και αι τελικαί αποφάσεις της κυβερνήσεως.

ΤΡΑΥΜΑΤΙΣΜΟΣ ΝΕΑΡΟΥ ΕΝ ΜΕΣΗ ΟΔΩ ΥΠΟ ΥΠΑΝΔΡΟΥ ΓΥΝΑΙΚΟΣ

Η εν λόγω υπόθεσις εξετάζεται υπό των αρμοδίων υπηρεσιών και αναμένεται ότι θα ληφθούν αι σχετικαί αποφάσεις εντός των προσεχών ημερών, κατόπιν της υποβολής των στοιχείων εις το υπουργείον. Κατά πληροφορίας, το θέμα θα απασχολήση και το υπουργικόν συμβούλιον κατά την προσεχή συνεδρίασίν του, οπότε θα ανακοινωθούν και αι τελικαί αποφάσεις της κυβερνήσεως.

ΕΙΔΟΠΟΙΗΣΕΙΣ ΞΕΝΩΝ ΥΠΗΚΟΩΝ

Η εν λόγω υπόθεσις εξετάζεται υπό των αρμοδίων υπηρεσιών και αναμένεται ότι θα ληφθούν αι σχετικαί αποφάσεις εντός των προσεχών ημερών, κατόπιν της υποβολής των στοιχείων εις το υπουργείον. Κατά πληροφορίας, το θέμα θα απασχολήση και το υπουργικόν συμβούλιον κατά την προσεχή συνεδρίασίν του, οπότε θα ανακοινωθούν και αι τελικαί αποφάσεις της κυβερνήσεως.

ΣΥΛΛΗΨΙΣ ΚΛΕΠΤΟΥ ΕΙΣ ΤΑΣ ΑΘΗΝΑΣ

Η εν λόγω υπόθεσις εξετάζεται υπό των αρμοδίων υπηρεσιών και αναμένεται ότι θα ληφθούν αι σχετικαί αποφάσεις εντός των προσεχών ημερών, κατόπιν της υποβολής των στοιχείων εις το υπουργείον. Κατά πληροφορίας, το θέμα θα απασχολήση και το υπουργικόν συμβούλιον κατά την προσεχή συνεδρίασίν του, οπότε θα ανακοινωθούν και αι τελικαί αποφάσεις της κυβερνήσεως.
